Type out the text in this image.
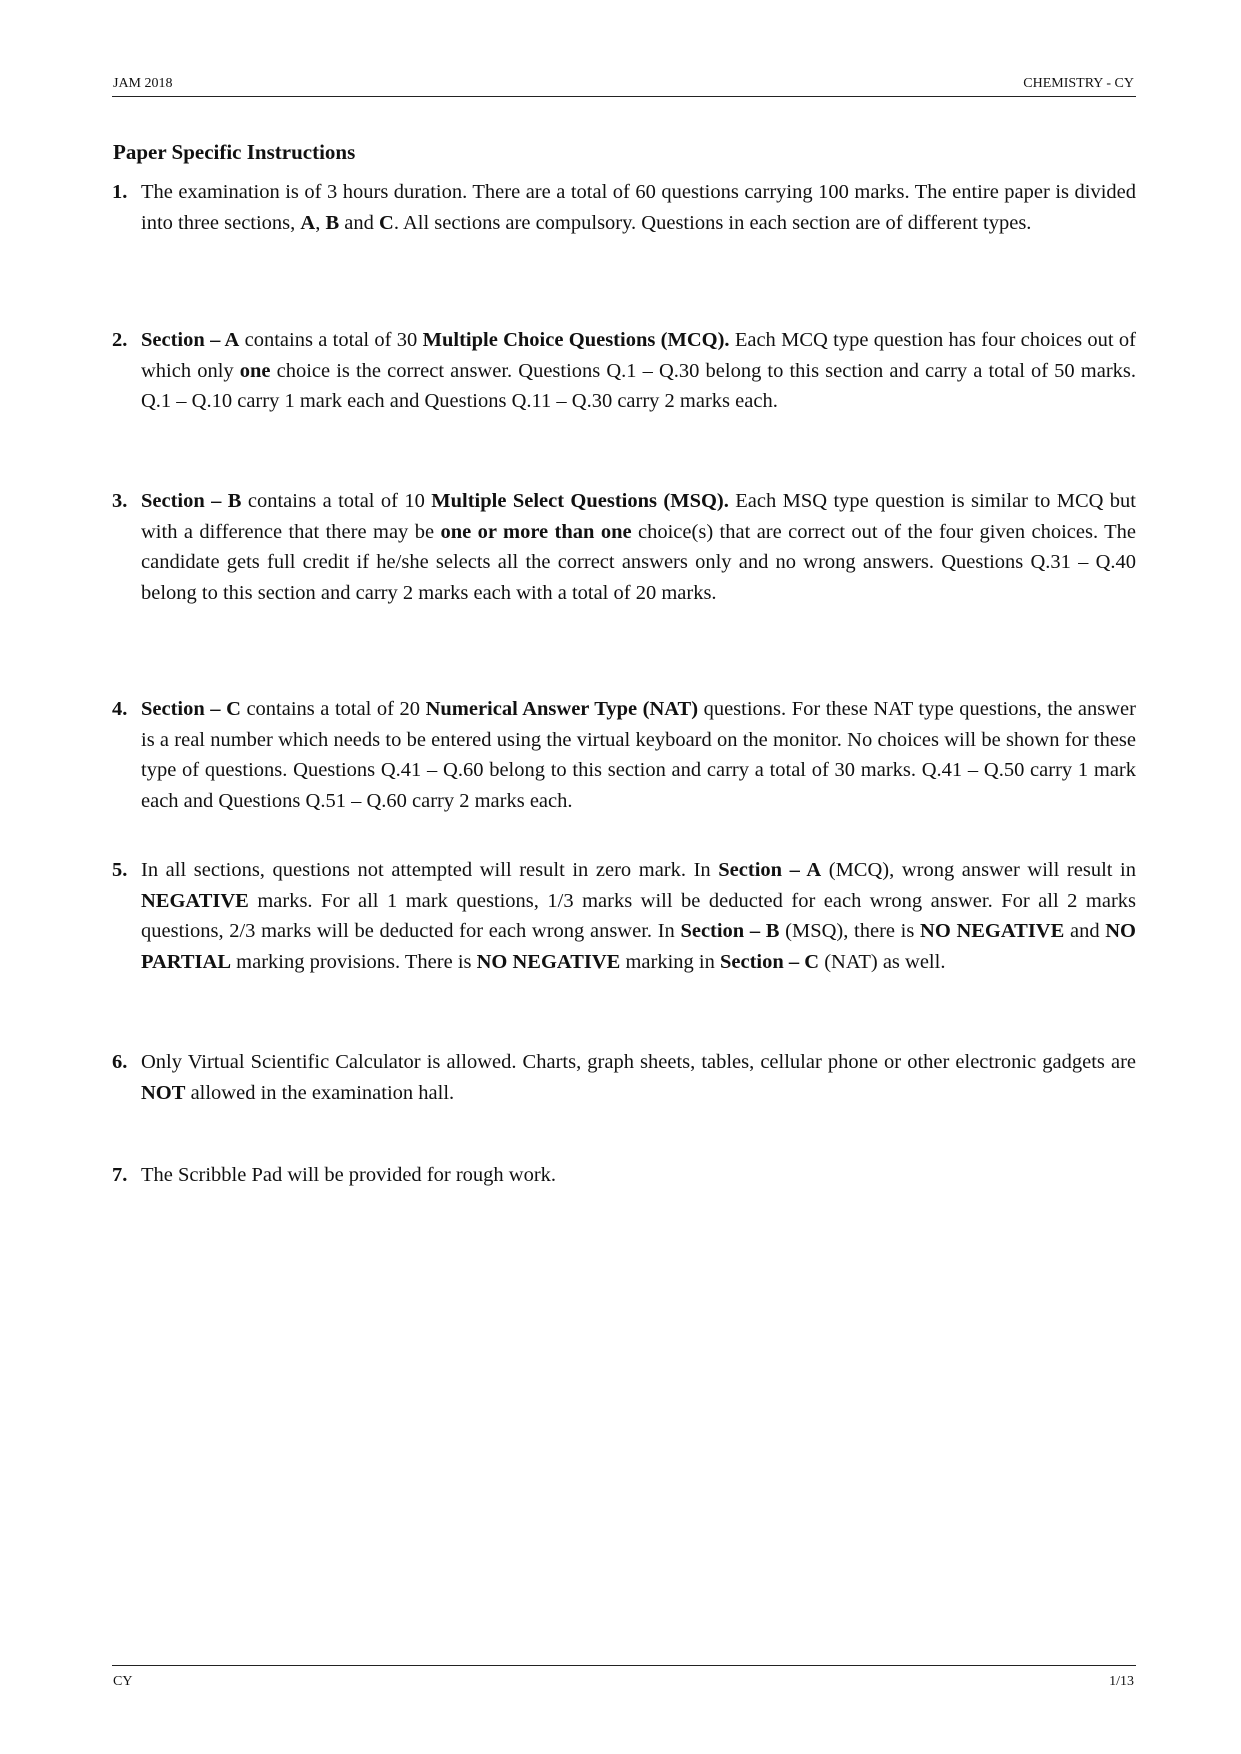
JAM 2018	CHEMISTRY - CY
Paper Specific Instructions
1. The examination is of 3 hours duration. There are a total of 60 questions carrying 100 marks. The entire paper is divided into three sections, A, B and C. All sections are compulsory. Questions in each section are of different types.
2. Section – A contains a total of 30 Multiple Choice Questions (MCQ). Each MCQ type question has four choices out of which only one choice is the correct answer. Questions Q.1 – Q.30 belong to this section and carry a total of 50 marks. Q.1 – Q.10 carry 1 mark each and Questions Q.11 – Q.30 carry 2 marks each.
3. Section – B contains a total of 10 Multiple Select Questions (MSQ). Each MSQ type question is similar to MCQ but with a difference that there may be one or more than one choice(s) that are correct out of the four given choices. The candidate gets full credit if he/she selects all the correct answers only and no wrong answers. Questions Q.31 – Q.40 belong to this section and carry 2 marks each with a total of 20 marks.
4. Section – C contains a total of 20 Numerical Answer Type (NAT) questions. For these NAT type questions, the answer is a real number which needs to be entered using the virtual keyboard on the monitor. No choices will be shown for these type of questions. Questions Q.41 – Q.60 belong to this section and carry a total of 30 marks. Q.41 – Q.50 carry 1 mark each and Questions Q.51 – Q.60 carry 2 marks each.
5. In all sections, questions not attempted will result in zero mark. In Section – A (MCQ), wrong answer will result in NEGATIVE marks. For all 1 mark questions, 1/3 marks will be deducted for each wrong answer. For all 2 marks questions, 2/3 marks will be deducted for each wrong answer. In Section – B (MSQ), there is NO NEGATIVE and NO PARTIAL marking provisions. There is NO NEGATIVE marking in Section – C (NAT) as well.
6. Only Virtual Scientific Calculator is allowed. Charts, graph sheets, tables, cellular phone or other electronic gadgets are NOT allowed in the examination hall.
7. The Scribble Pad will be provided for rough work.
CY	1/13
